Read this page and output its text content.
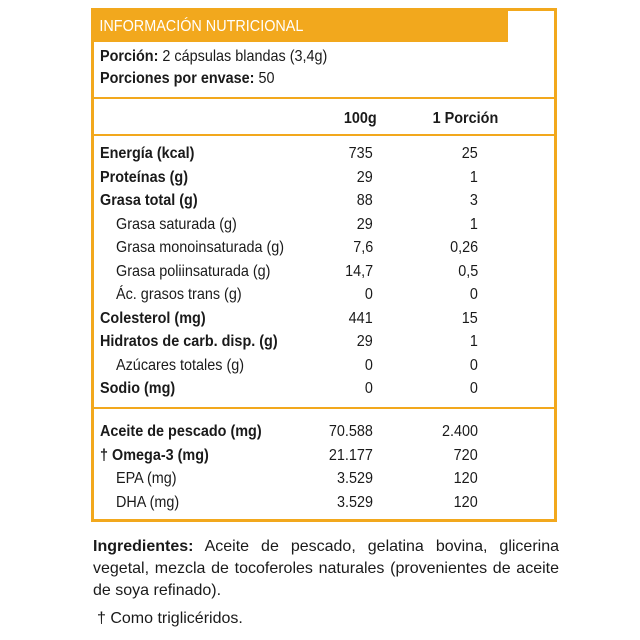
INFORMACIÓN NUTRICIONAL
Porción: 2 cápsulas blandas (3,4g)
Porciones por envase: 50
100g	1 Porción
Energía (kcal)	735	25
Proteínas (g)	29	1
Grasa total (g)	88	3
Grasa saturada (g)	29	1
Grasa monoinsaturada (g)	7,6	0,26
Grasa poliinsaturada (g)	14,7	0,5
Ác. grasos trans (g)	0	0
Colesterol (mg)	441	15
Hidratos de carb. disp. (g)	29	1
Azúcares totales (g)	0	0
Sodio (mg)	0	0
Aceite de pescado (mg)	70.588	2.400
† Omega-3 (mg)	21.177	720
EPA (mg)	3.529	120
DHA (mg)	3.529	120
Ingredientes: Aceite de pescado, gelatina bovina, glicerina vegetal, mezcla de tocoferoles naturales (provenientes de aceite de soya refinado).
† Como triglicéridos.
